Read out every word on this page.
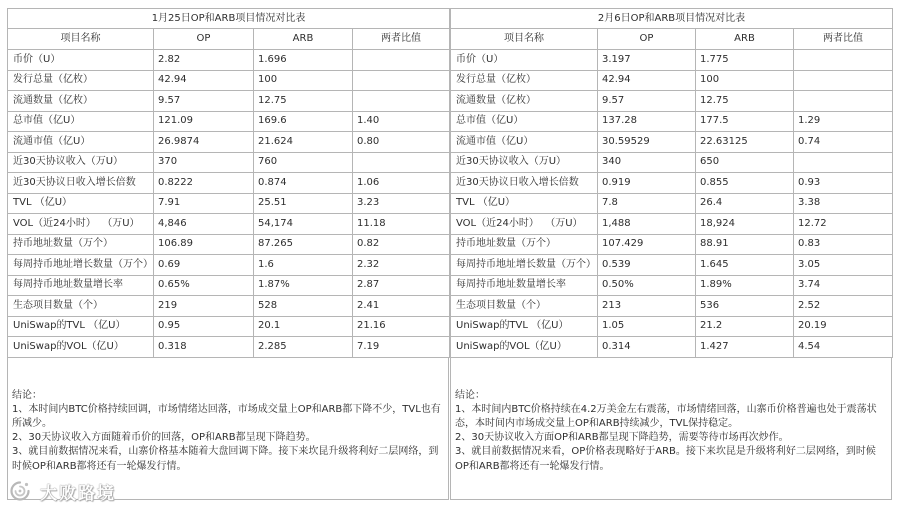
1月25日OP和ARB项目情况对比表			
项目名称	OP	ARB	两者比值
币价（U）	2.82	1.696	
发行总量（亿枚）	42.94	100	
流通数量（亿枚）	9.57	12.75	
总市值（亿U）	121.09	169.6	1.40
流通市值（亿U）	26.9874	21.624	0.80
近30天协议收入（万U）	370	760	
近30天协议日收入增长倍数	0.8222	0.874	1.06
TVL （亿U）	7.91	25.51	3.23
VOL（近24小时）  （万U）	4,846	54,174	11.18
持币地址数量（万个）	106.89	87.265	0.82
每周持币地址增长数量（万个）	0.69	1.6	2.32
每周持币地址数量增长率	0.65%	1.87%	2.87
生态项目数量（个）	219	528	2.41
UniSwap的TVL （亿U）	0.95	20.1	21.16
UniSwap的VOL（亿U）	0.318	2.285	7.19
结论：
1、本时间内BTC价格持续回调，市场情绪达回落，市场成交量上OP和ARB都下降不少，TVL也有所减少。
2、30天协议收入方面随着币价的回落，OP和ARB都呈现下降趋势。
3、就目前数据情况来看，山寨价格基本随着大盘回调下降。接下来坎昆升级将利好二层网络，到时候OP和ARB都将还有一轮爆发行情。
2月6日OP和ARB项目情况对比表			
项目名称	OP	ARB	两者比值
币价（U）	3.197	1.775	
发行总量（亿枚）	42.94	100	
流通数量（亿枚）	9.57	12.75	
总市值（亿U）	137.28	177.5	1.29
流通市值（亿U）	30.59529	22.63125	0.74
近30天协议收入（万U）	340	650	
近30天协议日收入增长倍数	0.919	0.855	0.93
TVL （亿U）	7.8	26.4	3.38
VOL（近24小时）  （万U）	1,488	18,924	12.72
持币地址数量（万个）	107.429	88.91	0.83
每周持币地址增长数量（万个）	0.539	1.645	3.05
每周持币地址数量增长率	0.50%	1.89%	3.74
生态项目数量（个）	213	536	2.52
UniSwap的TVL （亿U）	1.05	21.2	20.19
UniSwap的VOL（亿U）	0.314	1.427	4.54
结论：
1、本时间内BTC价格持续在4.2万美金左右震荡，市场情绪回落，山寨币价格普遍也处于震荡状态，本时间内市场成交量上OP和ARB持续减少，TVL保持稳定。
2、30天协议收入方面OP和ARB都呈现下降趋势，需要等待市场再次炒作。
3、就目前数据情况来看，OP价格表现略好于ARB。接下来坎昆是升级将利好二层网络，到时候OP和ARB都将还有一轮爆发行情。
大败路境
